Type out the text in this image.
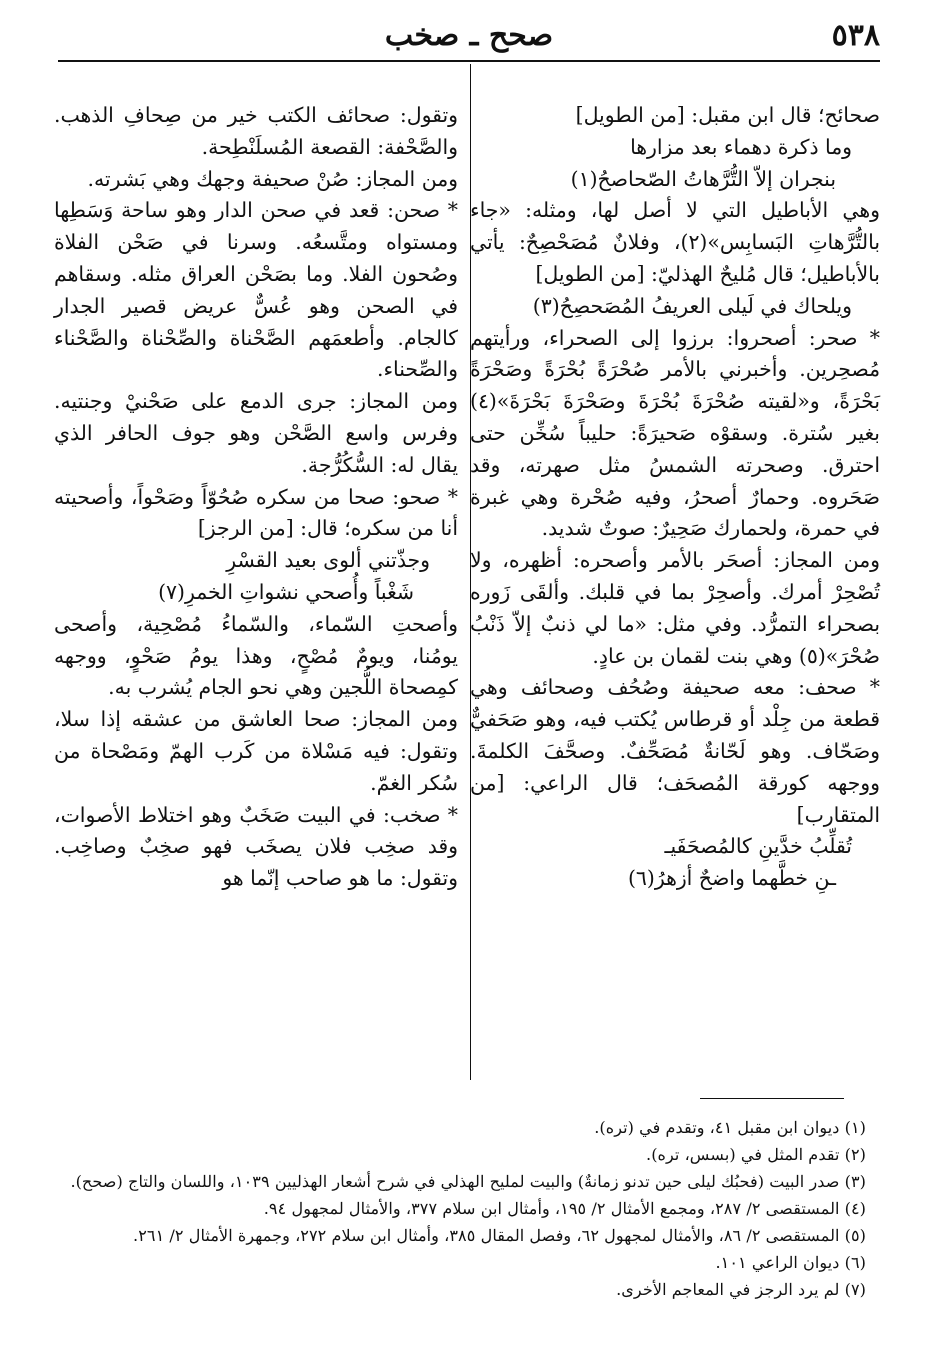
٥٣٨
صحح ـ صخب

صحائح؛ قال ابن مقبل: [من الطويل]

وما ذكرة دهماء بعد مزارها

بنجران إلاّ التُّرَّهاتُ الصّحاصحُ(١)

وهي الأباطيل التي لا أصل لها، ومثله: «جاء بالتُّرَّهاتِ البَسابِس»(٢)، وفلانٌ مُصَحْصِحٌ: يأتي بالأباطيل؛ قال مُليحٌ الهذليّ: [من الطويل]

ويلحاك في لَيلى العريفُ المُصَحصِحُ(٣)

* صحر: أصحروا: برزوا إلى الصحراء، ورأيتهم مُصحِرين. وأخبرني بالأمر صُحْرَةً بُحْرَةً وصَحْرَةً بَحْرَةً، و«لقيته صُحْرَةَ بُحْرَةَ وصَحْرَةَ بَحْرَةَ»(٤) بغير سُترة. وسقوْه صَحيرَةً: حليباً سُخِّن حتى احترق. وصحرته الشمسُ مثل صهرته، وقد صَحَروه. وحمارٌ أصحرُ، وفيه صُحْرة وهي غبرة في حمرة، ولحمارك صَحِيرٌ: صوتٌ شديد.

ومن المجاز: أصحَر بالأمر وأصحره: أظهره، ولا تُصْحِرْ أمرك. وأصحِرْ بما في قلبك. وألقَى زَوره بصحراء التمرُّد. وفي مثل: «ما لي ذنبٌ إلاّ ذَنْبُ صُحْرَ»(٥) وهي بنت لقمان بن عادٍ.

* صحف: معه صحيفة وصُحُف وصحائف وهي قطعة من جِلْد أو قرطاس يُكتب فيه، وهو صَحَفيٌّ وصَحّاف. وهو لَحّانةٌ مُصَحِّفٌ. وصحَّفَ الكلمةَ. ووجهه كورقة المُصحَف؛ قال الراعي: [من المتقارب]

تُقلِّبُ خدَّينِ كالمُصحَفَيـ

ـنِ خطَّهما واضحٌ أزهرُ(٦)

وتقول: صحائف الكتب خير من صِحافِ الذهب. والصَّحْفة: القصعة المُسلَنْطِحة.

ومن المجاز: صُنْ صحيفة وجهك وهي بَشرته.

* صحن: قعد في صحن الدار وهو ساحة وَسَطِها ومستواه ومتَّسعُه. وسرنا في صَحْن الفلاة وصُحون الفلا. وما بصَحْن العراق مثله. وسقاهم في الصحن وهو عُسٌّ عريض قصير الجدار كالجام. وأطعمَهم الصَّحْناة والصِّحْناة والصَّحْناء والصِّحناء.

ومن المجاز: جرى الدمع على صَحْنيْ وجنتيه. وفرس واسع الصَّحْن وهو جوف الحافر الذي يقال له: السُّكُرُّجة.

* صحو: صحا من سكره صُحُوّاً وصَحْواً، وأصحيته أنا من سكره؛ قال: [من الرجز]

وجذّتني ألوى بعيد القسْرِ

شَغْباً وأُصحي نشواتِ الخمرِ(٧)

وأصحتِ السّماء، والسّماءُ مُصْحِية، وأصحى يومُنا، ويومٌ مُصْحٍ، وهذا يومُ صَحْوٍ، ووجهه كمِصحاة اللُّجين وهي نحو الجام يُشرب به.

ومن المجاز: صحا العاشق من عشقه إذا سلا، وتقول: فيه مَسْلاة من كَرب الهمّ ومَصْحاة من سُكر الغمّ.

* صخب: في البيت صَخَبٌ وهو اختلاط الأصوات، وقد صخِب فلان يصخَب فهو صخِبٌ وصاخِب. وتقول: ما هو صاحب إنّما هو

(١) ديوان ابن مقبل ٤١، وتقدم في (تره).

(٢) تقدم المثل في (بسس، تره).

(٣) صدر البيت (فحبُك ليلى حين تدنو زمانةٌ) والبيت لمليح الهذلي في شرح أشعار الهذليين ١٠٣٩، واللسان والتاج (صحح).

(٤) المستقصى ٢/ ٢٨٧، ومجمع الأمثال ٢/ ١٩٥، وأمثال ابن سلام ٣٧٧، والأمثال لمجهول ٩٤.

(٥) المستقصى ٢/ ٨٦، والأمثال لمجهول ٦٢، وفصل المقال ٣٨٥، وأمثال ابن سلام ٢٧٢، وجمهرة الأمثال ٢/ ٢٦١.

(٦) ديوان الراعي ١٠١.

(٧) لم يرد الرجز في المعاجم الأخرى.
